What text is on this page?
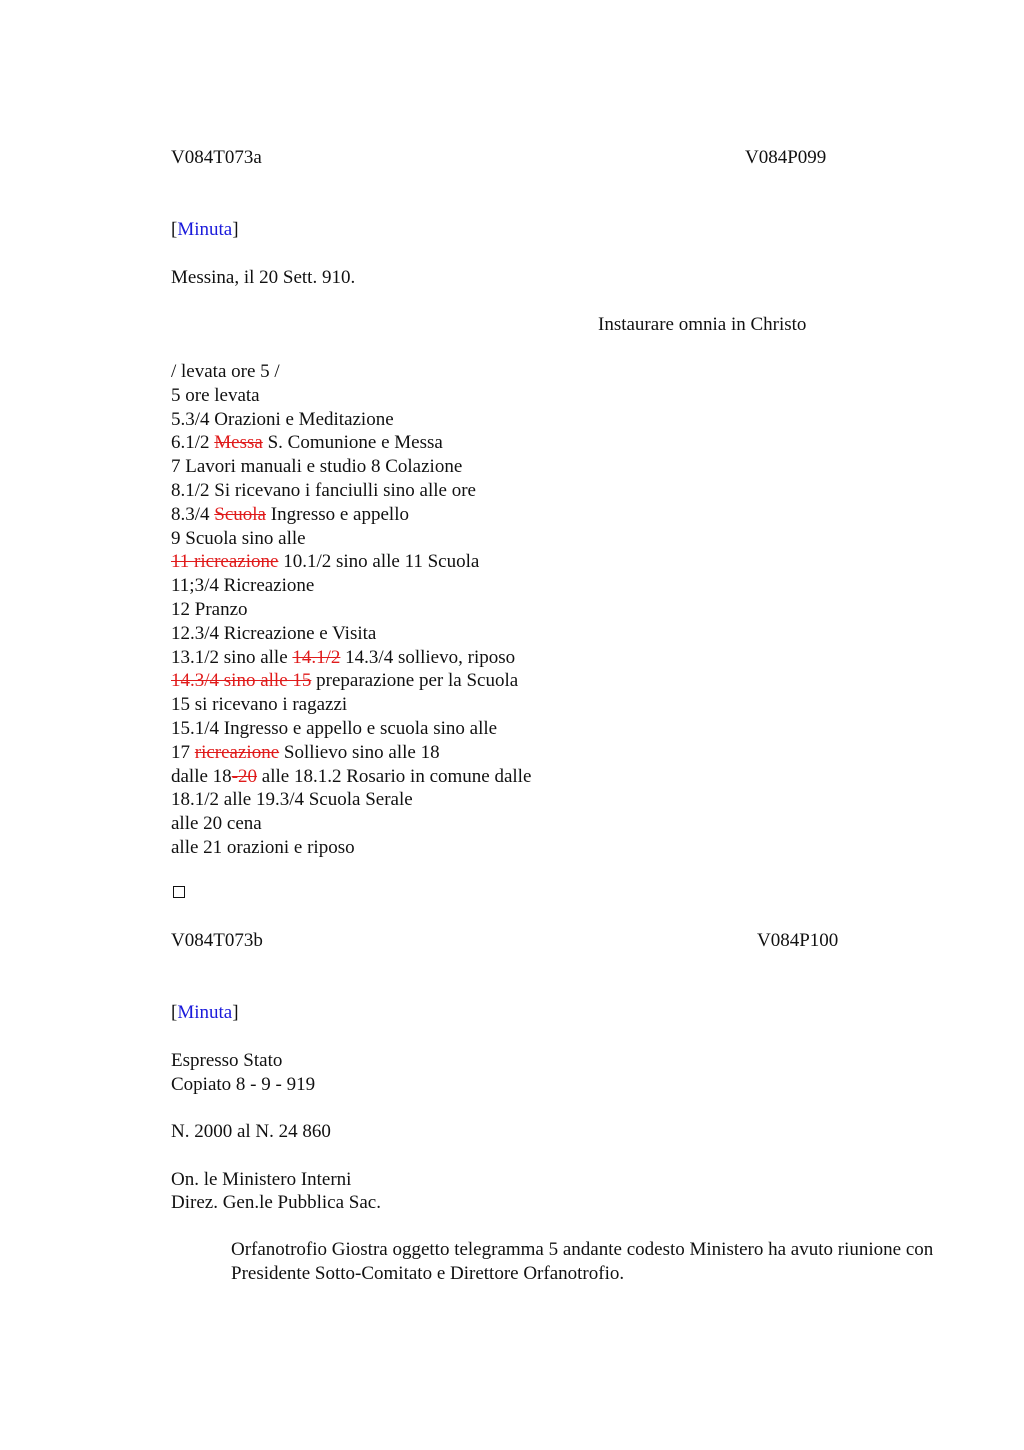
V084T073a	V084P099
[Minuta]
Messina, il 20 Sett. 910.
Instaurare omnia in Christo
/ levata ore 5 /
5 ore levata
5.3/4 Orazioni e Meditazione
6.1/2 Messa S. Comunione e Messa
7 Lavori manuali e studio 8 Colazione
8.1/2 Si ricevano i fanciulli sino alle ore
8.3/4 Scuola Ingresso e appello
9 Scuola sino alle
11 ricreazione 10.1/2 sino alle 11 Scuola
11;3/4 Ricreazione
12 Pranzo
12.3/4 Ricreazione e Visita
13.1/2 sino alle 14.1/2 14.3/4 sollievo, riposo
14.3/4 sino alle 15 preparazione per la Scuola
15 si ricevano i ragazzi
15.1/4 Ingresso e appello e scuola sino alle
17 ricreazione Sollievo sino alle 18
dalle 18-20 alle 18.1.2 Rosario in comune dalle
18.1/2 alle 19.3/4 Scuola Serale
alle 20 cena
alle 21 orazioni e riposo
V084T073b	V084P100
[Minuta]
Espresso Stato
Copiato 8 - 9 - 919
N. 2000 al N. 24 860
On. le Ministero Interni
Direz. Gen.le Pubblica Sac.
Orfanotrofio Giostra oggetto telegramma 5 andante codesto Ministero ha avuto riunione con Presidente Sotto-Comitato e Direttore Orfanotrofio.
